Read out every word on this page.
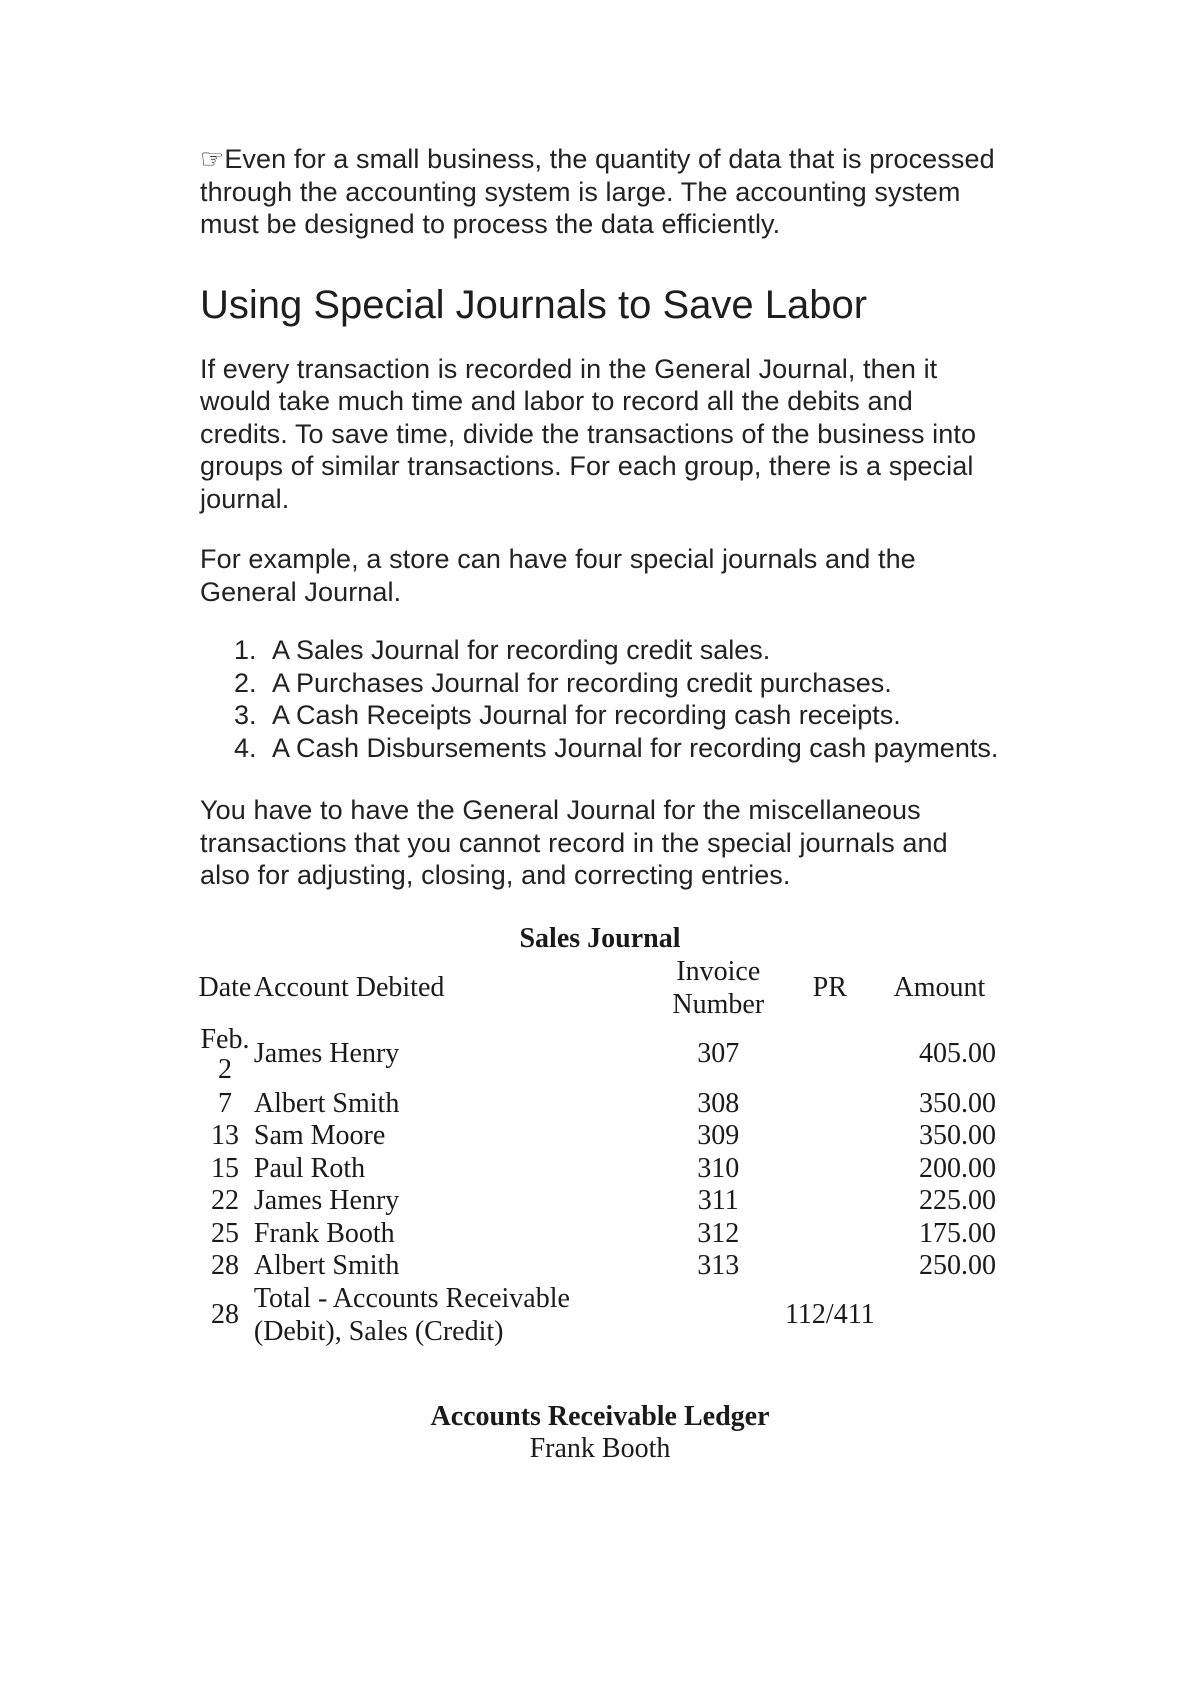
☞Even for a small business, the quantity of data that is processed through the accounting system is large. The accounting system must be designed to process the data efficiently.

Using Special Journals to Save Labor

If every transaction is recorded in the General Journal, then it would take much time and labor to record all the debits and credits. To save time, divide the transactions of the business into groups of similar transactions. For each group, there is a special journal.

For example, a store can have four special journals and the General Journal.

1. A Sales Journal for recording credit sales.
2. A Purchases Journal for recording credit purchases.
3. A Cash Receipts Journal for recording cash receipts.
4. A Cash Disbursements Journal for recording cash payments.

You have to have the General Journal for the miscellaneous transactions that you cannot record in the special journals and also for adjusting, closing, and correcting entries.

Sales Journal

Date	Account Debited	Invoice Number	PR	Amount
Feb. 2	James Henry	307		405.00
7	Albert Smith	308		350.00
13	Sam Moore	309		350.00
15	Paul Roth	310		200.00
22	James Henry	311		225.00
25	Frank Booth	312		175.00
28	Albert Smith	313		250.00
28	Total - Accounts Receivable (Debit), Sales (Credit)		112/411	

Accounts Receivable Ledger

Frank Booth
